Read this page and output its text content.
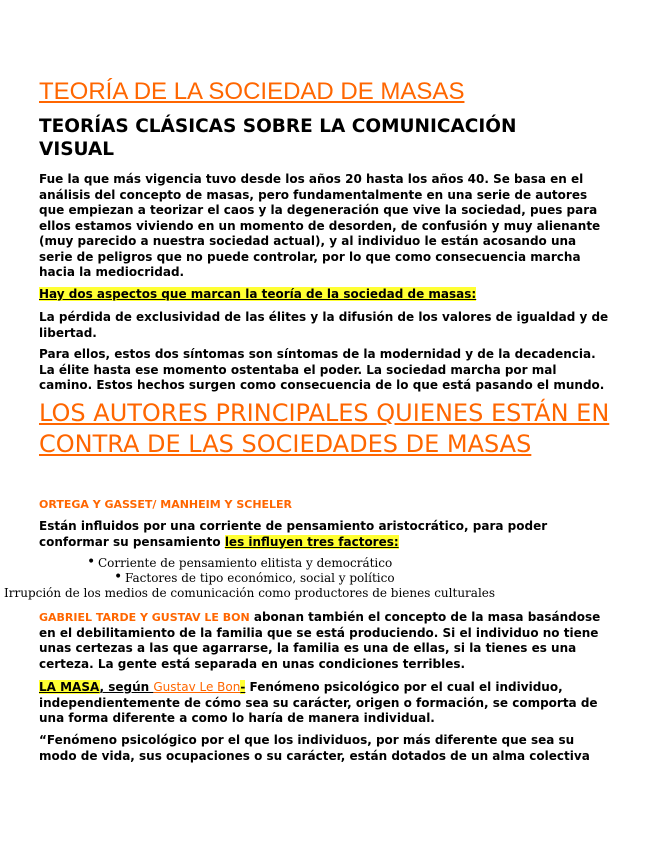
TEORÍA DE LA SOCIEDAD DE MASAS
TEORÍAS CLÁSICAS SOBRE LA COMUNICACIÓN VISUAL

Fue la que más vigencia tuvo desde los años 20 hasta los años 40. Se basa en el análisis del concepto de masas, pero fundamentalmente en una serie de autores que empiezan a teorizar el caos y la degeneración que vive la sociedad, pues para ellos estamos viviendo en un momento de desorden, de confusión y muy alienante (muy parecido a nuestra sociedad actual), y al individuo le están acosando una serie de peligros que no puede controlar, por lo que como consecuencia marcha hacia la mediocridad.

Hay dos aspectos que marcan la teoría de la sociedad de masas:

La pérdida de exclusividad de las élites y la difusión de los valores de igualdad y de libertad.

Para ellos, estos dos síntomas son síntomas de la modernidad y de la decadencia. La élite hasta ese momento ostentaba el poder. La sociedad marcha por mal camino. Estos hechos surgen como consecuencia de lo que está pasando el mundo.

LOS AUTORES PRINCIPALES QUIENES ESTÁN EN CONTRA DE LAS SOCIEDADES DE MASAS

ORTEGA Y GASSET/ MANHEIM Y SCHELER

Están influidos por una corriente de pensamiento aristocrático, para poder conformar su pensamiento les influyen tres factores:

• Corriente de pensamiento elitista y democrático
• Factores de tipo económico, social y político
Irrupción de los medios de comunicación como productores de bienes culturales

GABRIEL TARDE Y GUSTAV LE BON abonan también el concepto de la masa basándose en el debilitamiento de la familia que se está produciendo. Si el individuo no tiene unas certezas a las que agarrarse, la familia es una de ellas, si la tienes es una certeza. La gente está separada en unas condiciones terribles.

LA MASA, según Gustav Le Bon- Fenómeno psicológico por el cual el individuo, independientemente de cómo sea su carácter, origen o formación, se comporta de una forma diferente a como lo haría de manera individual.

“Fenómeno psicológico por el que los individuos, por más diferente que sea su modo de vida, sus ocupaciones o su carácter, están dotados de un alma colectiva
